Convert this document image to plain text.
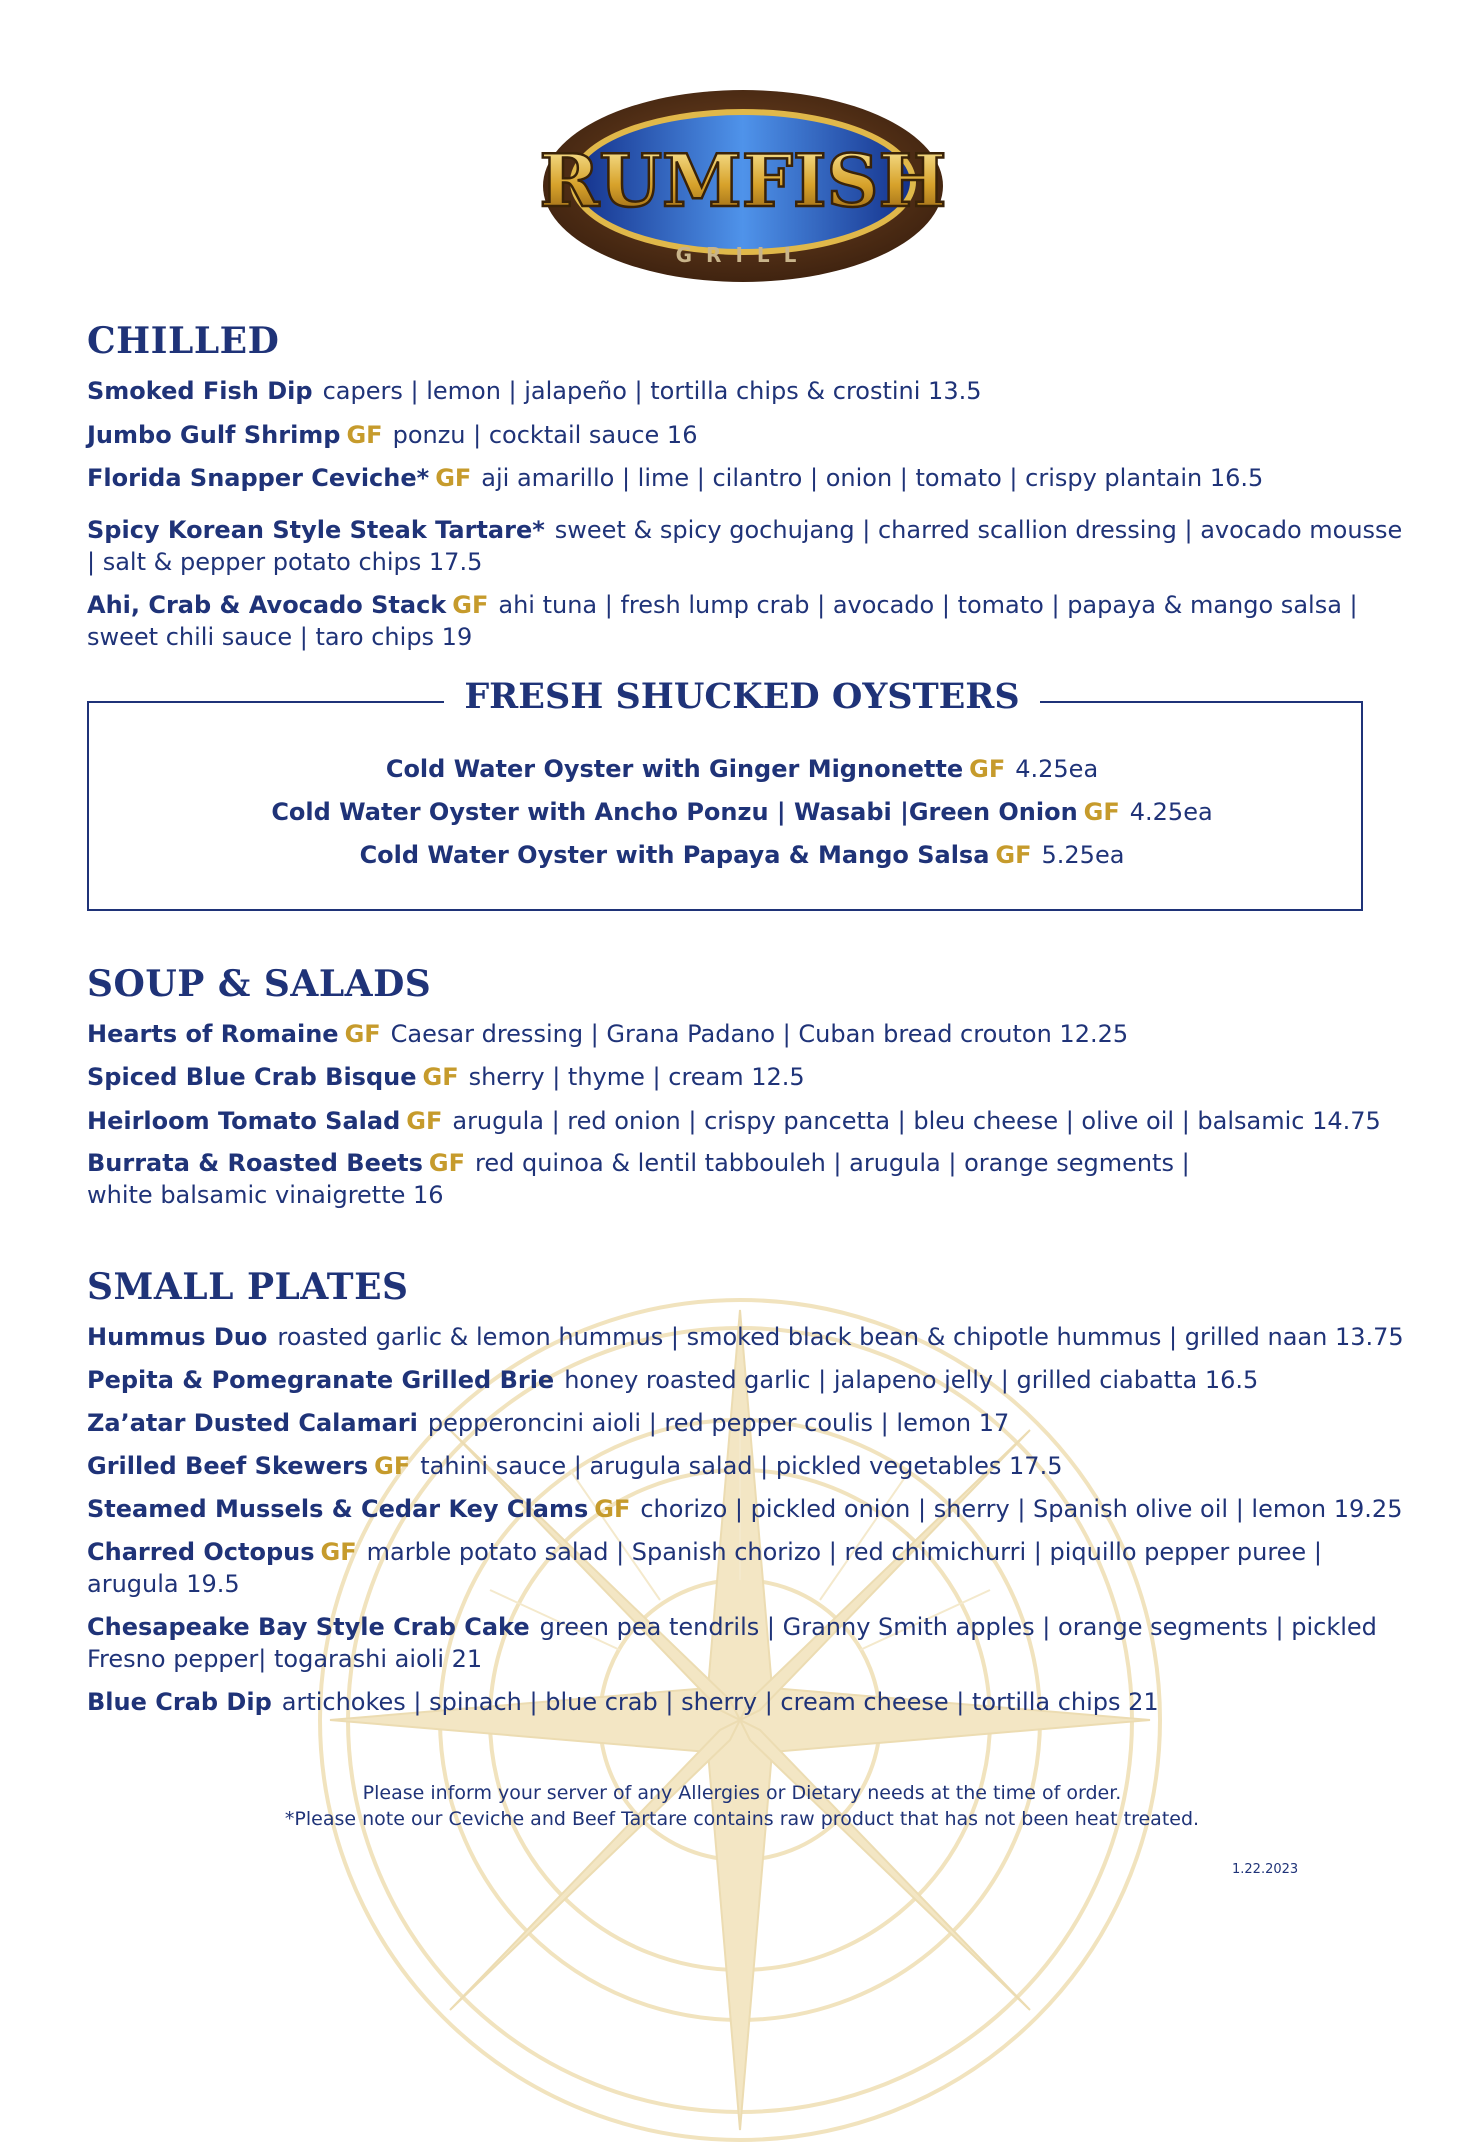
RUMFISH
GRILL
CHILLED
Smoked Fish Dip capers | lemon | jalapeño | tortilla chips & crostini 13.5
Jumbo Gulf Shrimp GF ponzu | cocktail sauce 16
Florida Snapper Ceviche* GF aji amarillo | lime | cilantro | onion | tomato | crispy plantain 16.5
Spicy Korean Style Steak Tartare* sweet & spicy gochujang | charred scallion dressing | avocado mousse | salt & pepper potato chips 17.5
Ahi, Crab & Avocado Stack GF ahi tuna | fresh lump crab | avocado | tomato | papaya & mango salsa | sweet chili sauce | taro chips 19
FRESH SHUCKED OYSTERS
Cold Water Oyster with Ginger Mignonette GF 4.25ea
Cold Water Oyster with Ancho Ponzu | Wasabi |Green Onion GF 4.25ea
Cold Water Oyster with Papaya & Mango Salsa GF 5.25ea
SOUP & SALADS
Hearts of Romaine GF Caesar dressing | Grana Padano | Cuban bread crouton 12.25
Spiced Blue Crab Bisque GF sherry | thyme | cream 12.5
Heirloom Tomato Salad GF arugula | red onion | crispy pancetta | bleu cheese | olive oil | balsamic 14.75
Burrata & Roasted Beets GF red quinoa & lentil tabbouleh | arugula | orange segments |
white balsamic vinaigrette 16
SMALL PLATES
Hummus Duo roasted garlic & lemon hummus | smoked black bean & chipotle hummus | grilled naan 13.75
Pepita & Pomegranate Grilled Brie honey roasted garlic | jalapeno jelly | grilled ciabatta 16.5
Za’atar Dusted Calamari pepperoncini aioli | red pepper coulis | lemon 17
Grilled Beef Skewers GF tahini sauce | arugula salad | pickled vegetables 17.5
Steamed Mussels & Cedar Key Clams GF chorizo | pickled onion | sherry | Spanish olive oil | lemon 19.25
Charred Octopus GF marble potato salad | Spanish chorizo | red chimichurri | piquillo pepper puree | arugula 19.5
Chesapeake Bay Style Crab Cake green pea tendrils | Granny Smith apples | orange segments | pickled Fresno pepper| togarashi aioli 21
Blue Crab Dip artichokes | spinach | blue crab | sherry | cream cheese | tortilla chips 21
Please inform your server of any Allergies or Dietary needs at the time of order.
*Please note our Ceviche and Beef Tartare contains raw product that has not been heat treated.
1.22.2023
